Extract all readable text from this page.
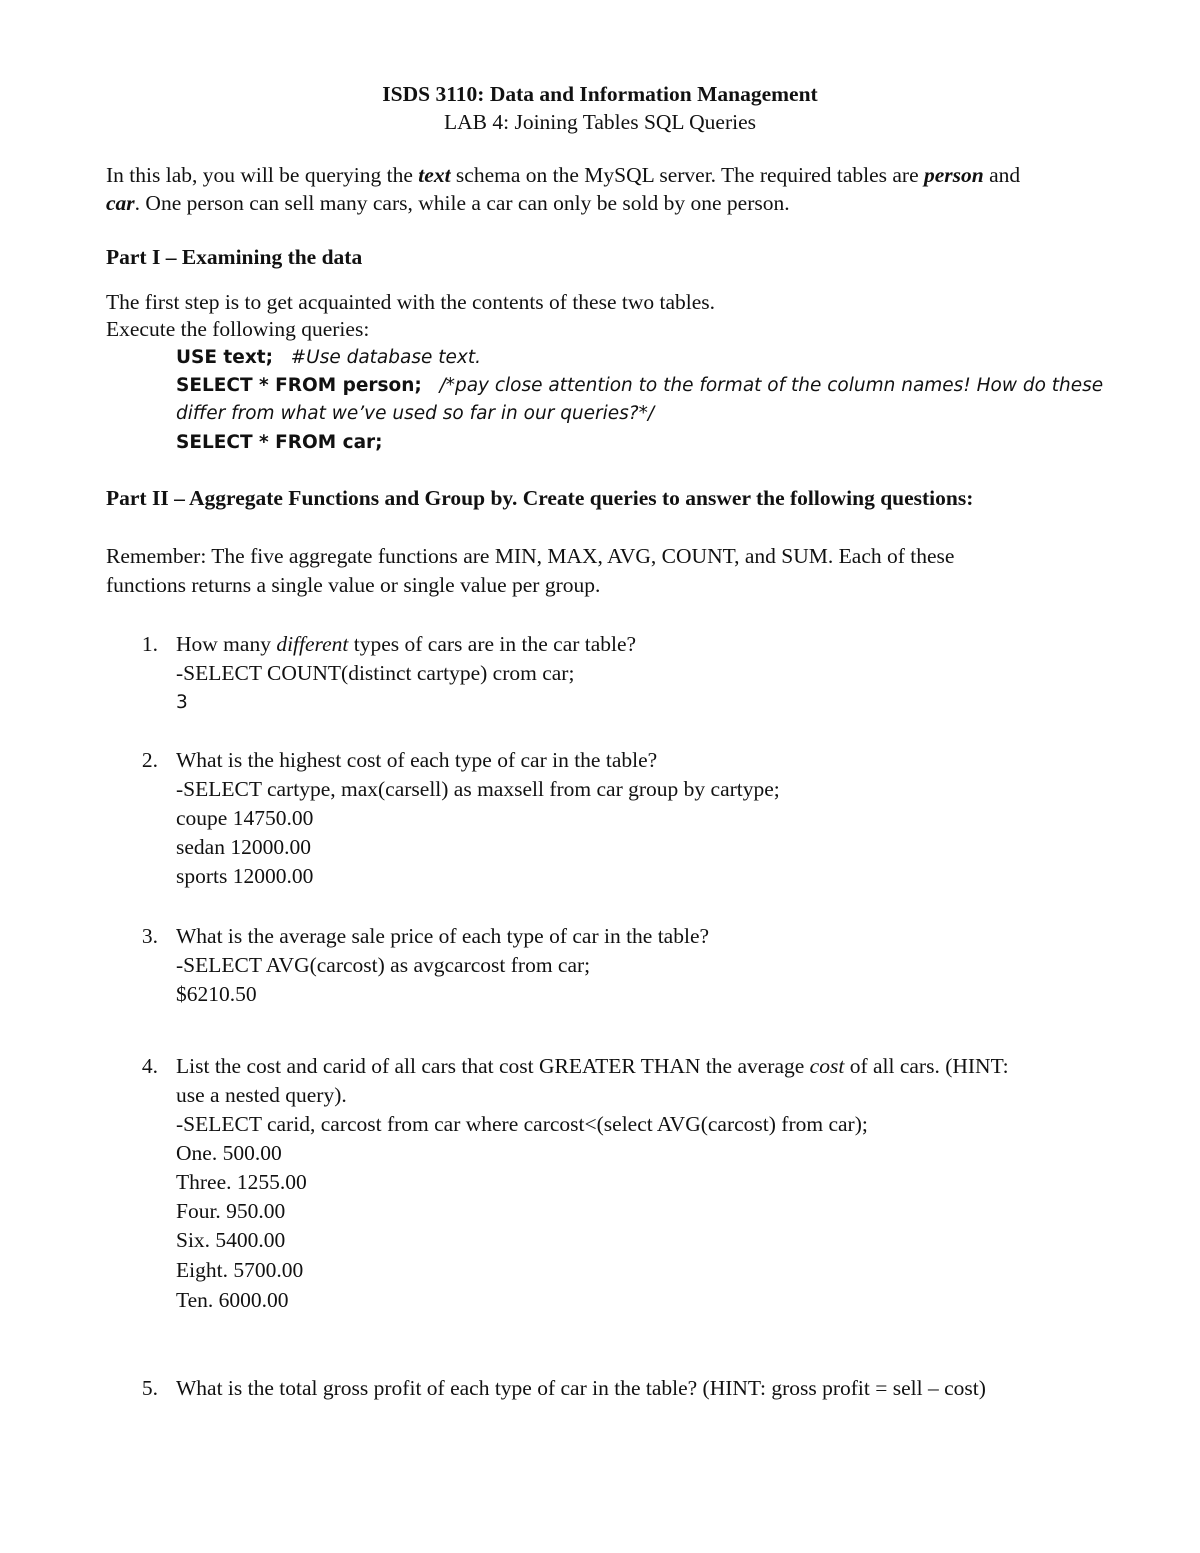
ISDS 3110: Data and Information Management
LAB 4: Joining Tables SQL Queries
In this lab, you will be querying the text schema on the MySQL server. The required tables are person and
car. One person can sell many cars, while a car can only be sold by one person.
Part I – Examining the data
The first step is to get acquainted with the contents of these two tables.
Execute the following queries:
USE text; #Use database text.
SELECT * FROM person; /*pay close attention to the format of the column names! How do these
differ from what we’ve used so far in our queries?*/
SELECT * FROM car;
Part II – Aggregate Functions and Group by. Create queries to answer the following questions:
Remember: The five aggregate functions are MIN, MAX, AVG, COUNT, and SUM. Each of these
functions returns a single value or single value per group.
1. How many different types of cars are in the car table?
-SELECT COUNT(distinct cartype) crom car;
3
2. What is the highest cost of each type of car in the table?
-SELECT cartype, max(carsell) as maxsell from car group by cartype;
coupe 14750.00
sedan 12000.00
sports 12000.00
3. What is the average sale price of each type of car in the table?
-SELECT AVG(carcost) as avgcarcost from car;
$6210.50
4. List the cost and carid of all cars that cost GREATER THAN the average cost of all cars. (HINT:
use a nested query).
-SELECT carid, carcost from car where carcost<(select AVG(carcost) from car);
One. 500.00
Three. 1255.00
Four. 950.00
Six. 5400.00
Eight. 5700.00
Ten. 6000.00
5. What is the total gross profit of each type of car in the table? (HINT: gross profit = sell – cost)
